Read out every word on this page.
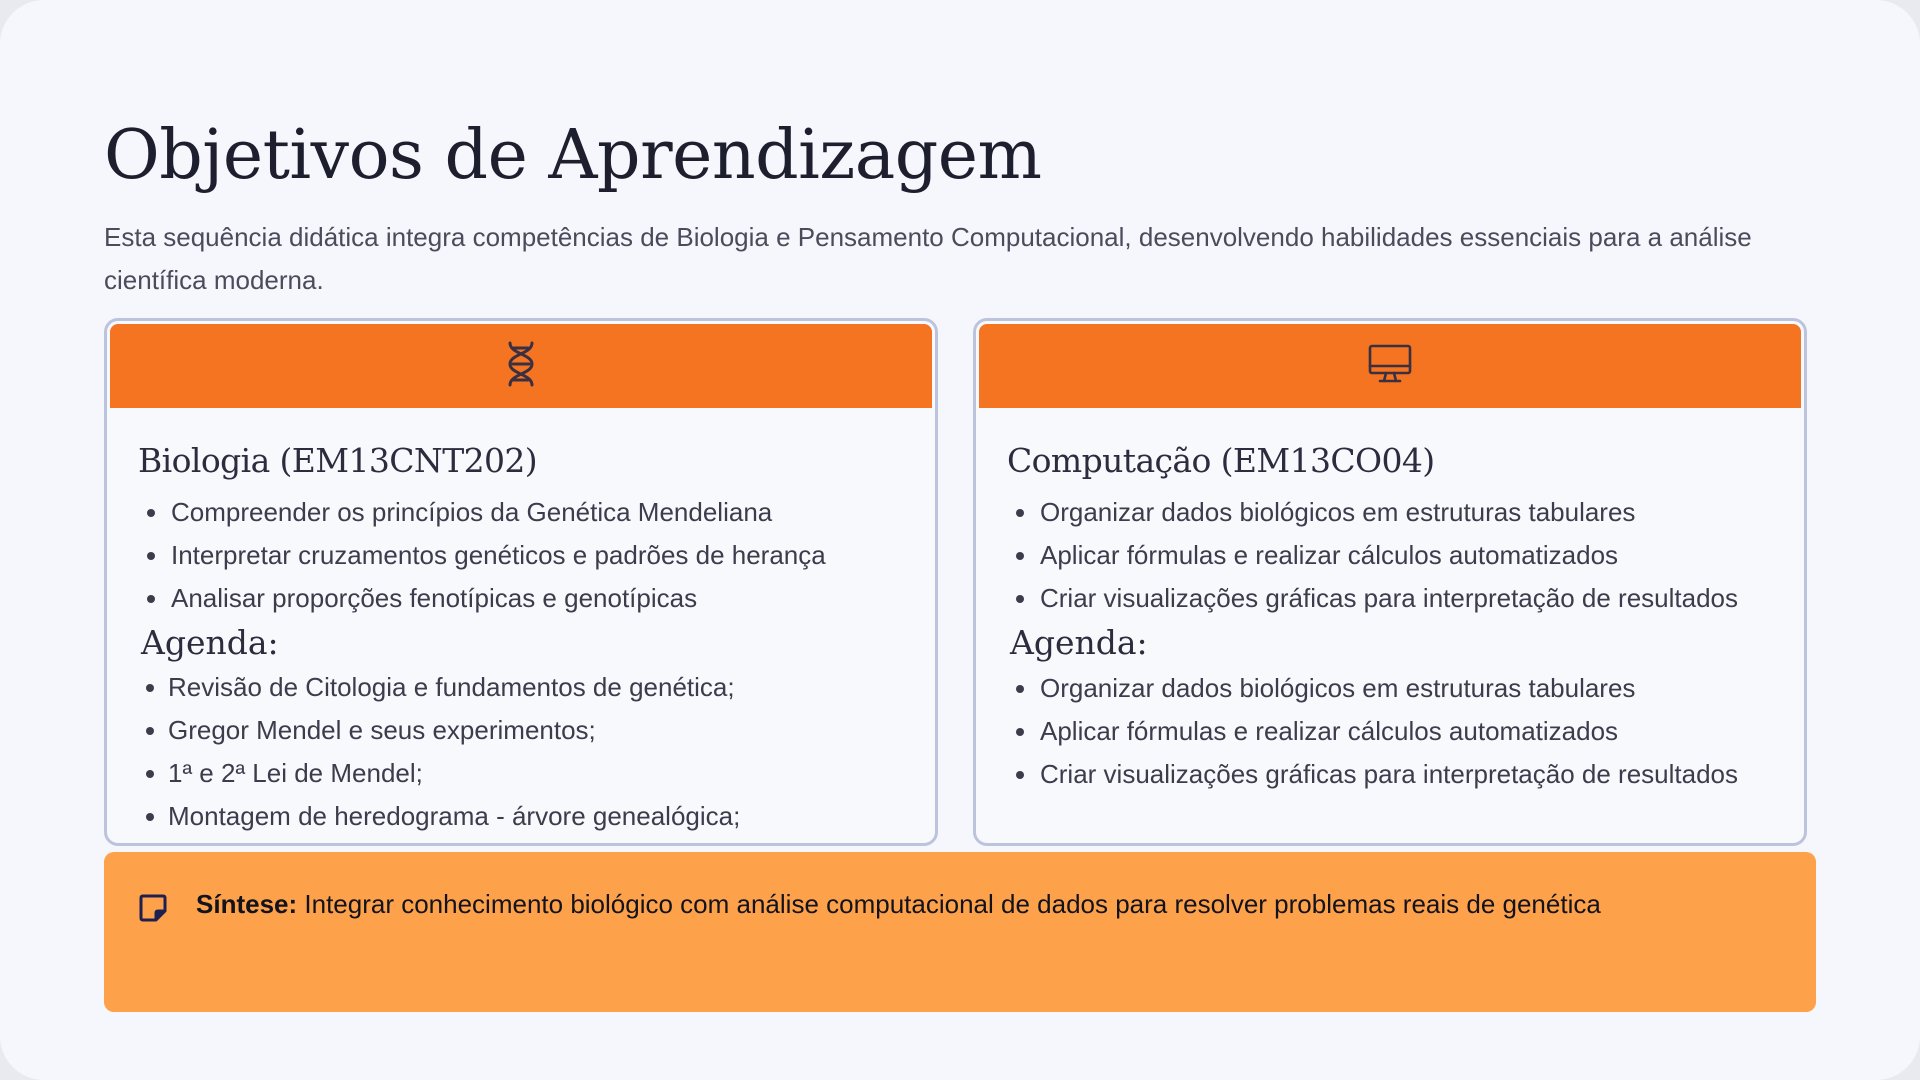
Objetivos de Aprendizagem

Esta sequência didática integra competências de Biologia e Pensamento Computacional, desenvolvendo habilidades essenciais para a análise científica moderna.

Biologia (EM13CNT202)
Compreender os princípios da Genética Mendeliana
Interpretar cruzamentos genéticos e padrões de herança
Analisar proporções fenotípicas e genotípicas
Agenda:
Revisão de Citologia e fundamentos de genética;
Gregor Mendel e seus experimentos;
1ª e 2ª Lei de Mendel;
Montagem de heredograma - árvore genealógica;
Computação (EM13CO04)
Organizar dados biológicos em estruturas tabulares
Aplicar fórmulas e realizar cálculos automatizados
Criar visualizações gráficas para interpretação de resultados
Agenda:
Organizar dados biológicos em estruturas tabulares
Aplicar fórmulas e realizar cálculos automatizados
Criar visualizações gráficas para interpretação de resultados

Síntese: Integrar conhecimento biológico com análise computacional de dados para resolver problemas reais de genética
